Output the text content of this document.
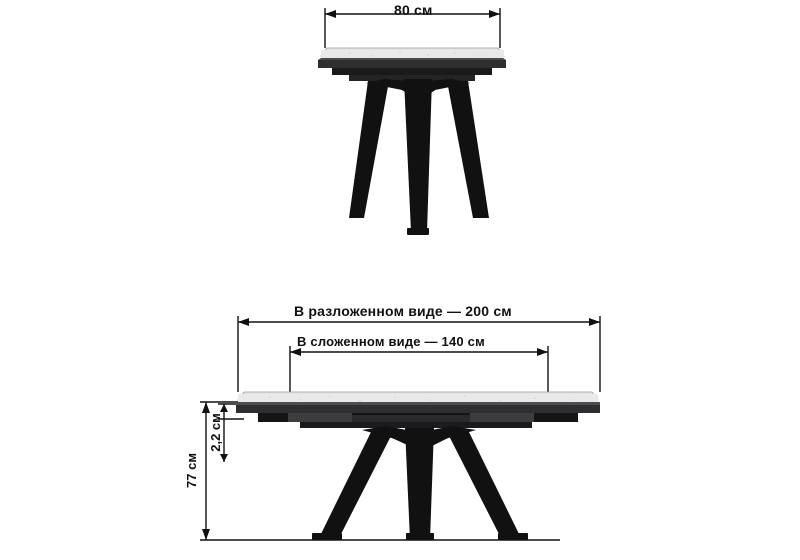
80 см
В разложенном виде — 200 см
В сложенном виде — 140 см
77 см
2,2 см
